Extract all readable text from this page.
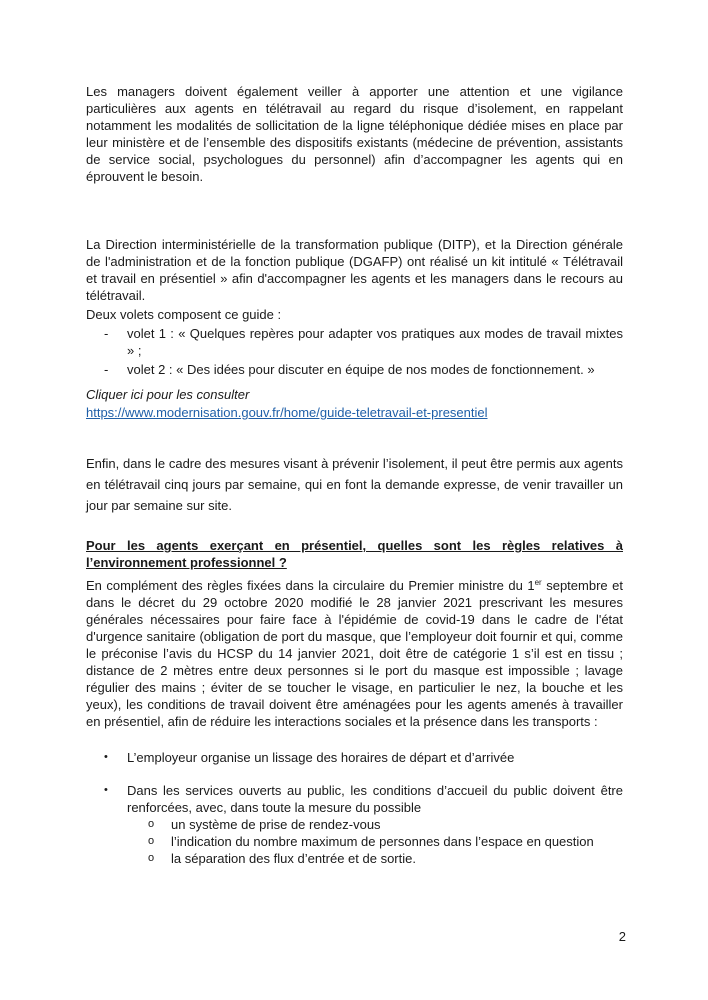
Les managers doivent également veiller à apporter une attention et une vigilance particulières aux agents en télétravail au regard du risque d’isolement, en rappelant notamment les modalités de sollicitation de la ligne téléphonique dédiée mises en place par leur ministère et de l’ensemble des dispositifs existants (médecine de prévention, assistants de service social, psychologues du personnel) afin d’accompagner les agents qui en éprouvent le besoin.

La Direction interministérielle de la transformation publique (DITP), et la Direction générale de l'administration et de la fonction publique (DGAFP) ont réalisé un kit intitulé « Télétravail et travail en présentiel » afin d'accompagner les agents et les managers dans le recours au télétravail.

Deux volets composent ce guide :

- volet 1 : « Quelques repères pour adapter vos pratiques aux modes de travail mixtes » ;
- volet 2 : « Des idées pour discuter en équipe de nos modes de fonctionnement. »

Cliquer ici pour les consulter

https://www.modernisation.gouv.fr/home/guide-teletravail-et-presentiel

Enfin, dans le cadre des mesures visant à prévenir l’isolement, il peut être permis aux agents en télétravail cinq jours par semaine, qui en font la demande expresse, de venir travailler un jour par semaine sur site.

Pour les agents exerçant en présentiel, quelles sont les règles relatives à l’environnement professionnel ?

En complément des règles fixées dans la circulaire du Premier ministre du 1er septembre et dans le décret du 29 octobre 2020 modifié le 28 janvier 2021 prescrivant les mesures générales nécessaires pour faire face à l'épidémie de covid-19 dans le cadre de l'état d'urgence sanitaire (obligation de port du masque, que l’employeur doit fournir et qui, comme le préconise l’avis du HCSP du 14 janvier 2021, doit être de catégorie 1 s’il est en tissu ; distance de 2 mètres entre deux personnes si le port du masque est impossible ; lavage régulier des mains ; éviter de se toucher le visage, en particulier le nez, la bouche et les yeux), les conditions de travail doivent être aménagées pour les agents amenés à travailler en présentiel, afin de réduire les interactions sociales et la présence dans les transports :

• L’employeur organise un lissage des horaires de départ et d’arrivée
• Dans les services ouverts au public, les conditions d’accueil du public doivent être renforcées, avec, dans toute la mesure du possible
o un système de prise de rendez-vous
o l’indication du nombre maximum de personnes dans l’espace en question
o la séparation des flux d’entrée et de sortie.
2
